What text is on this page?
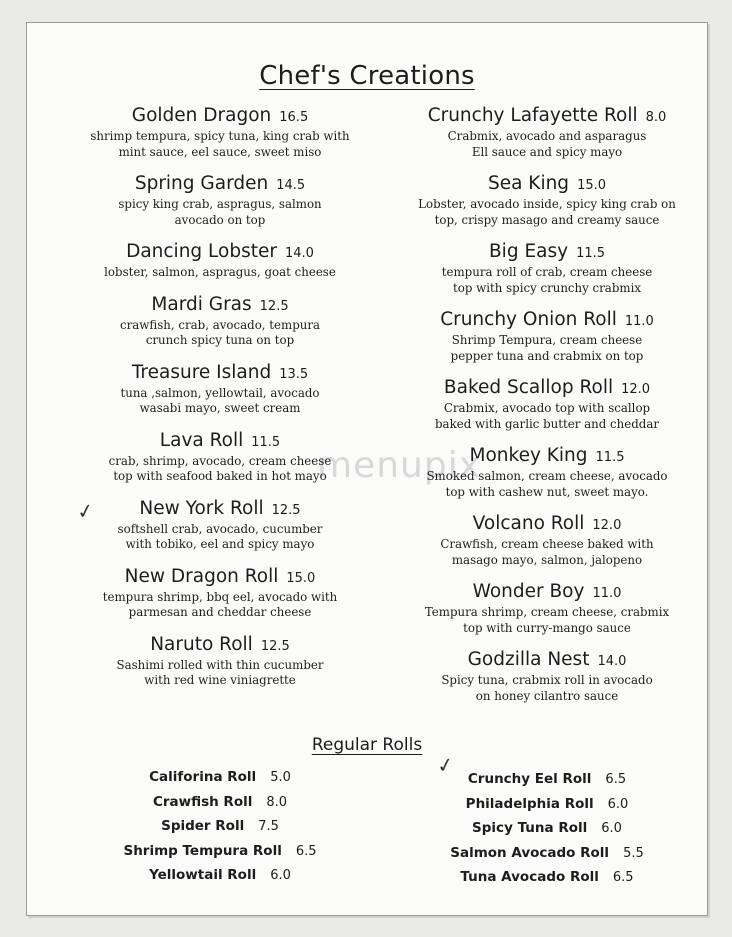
Chef's Creations
menupix
Golden Dragon 16.5
shrimp tempura, spicy tuna, king crab with
mint sauce, eel sauce, sweet miso
Spring Garden 14.5
spicy king crab, aspragus, salmon
avocado on top
Dancing Lobster 14.0
lobster, salmon, aspragus, goat cheese
Mardi Gras 12.5
crawfish, crab, avocado, tempura
crunch spicy tuna on top
Treasure Island 13.5
tuna ,salmon, yellowtail, avocado
wasabi mayo, sweet cream
Lava Roll 11.5
crab, shrimp, avocado, cream cheese
top with seafood baked in hot mayo
New York Roll 12.5
softshell crab, avocado, cucumber
with tobiko, eel and spicy mayo
New Dragon Roll 15.0
tempura shrimp, bbq eel, avocado with
parmesan and cheddar cheese
Naruto Roll 12.5
Sashimi rolled with thin cucumber
with red wine viniagrette
Crunchy Lafayette Roll 8.0
Crabmix, avocado and asparagus
Ell sauce and spicy mayo
Sea King 15.0
Lobster, avocado inside, spicy king crab on
top, crispy masago and creamy sauce
Big Easy 11.5
tempura roll of crab, cream cheese
top with spicy crunchy crabmix
Crunchy Onion Roll 11.0
Shrimp Tempura, cream cheese
pepper tuna and crabmix on top
Baked Scallop Roll 12.0
Crabmix, avocado top with scallop
baked with garlic butter and cheddar
Monkey King 11.5
Smoked salmon, cream cheese, avocado
top with cashew nut, sweet mayo.
Volcano Roll 12.0
Crawfish, cream cheese baked with
masago mayo, salmon, jalopeno
Wonder Boy 11.0
Tempura shrimp, cream cheese, crabmix
top with curry-mango sauce
Godzilla Nest 14.0
Spicy tuna, crabmix roll in avocado
on honey cilantro sauce
✓
✓
Regular Rolls
Califorina Roll 5.0
Crawfish Roll 8.0
Spider Roll 7.5
Shrimp Tempura Roll 6.5
Yellowtail Roll 6.0
Crunchy Eel Roll 6.5
Philadelphia Roll 6.0
Spicy Tuna Roll 6.0
Salmon Avocado Roll 5.5
Tuna Avocado Roll 6.5
